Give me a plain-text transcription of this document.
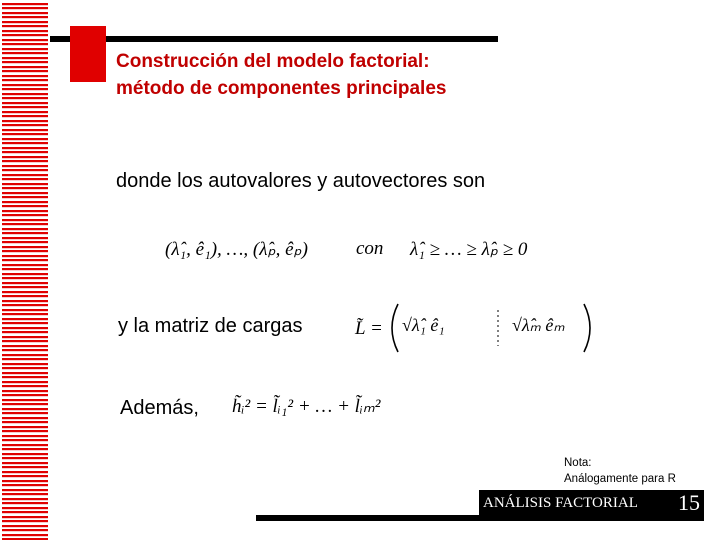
Construcción del modelo factorial:
método de componentes principales
donde los autovalores y autovectores son
(λ̂₁, ê₁), …, (λ̂ₚ, êₚ)	con λ̂₁ ≥ … ≥ λ̂ₚ ≥ 0
y la matriz de cargas	L̃ = √λ̂₁ ê₁	√λ̂ₘ êₘ
Además, h̃ᵢ² = l̃ᵢ₁² + … + l̃ᵢₘ²
Nota:
Análogamente para R
ANÁLISIS FACTORIAL 15
